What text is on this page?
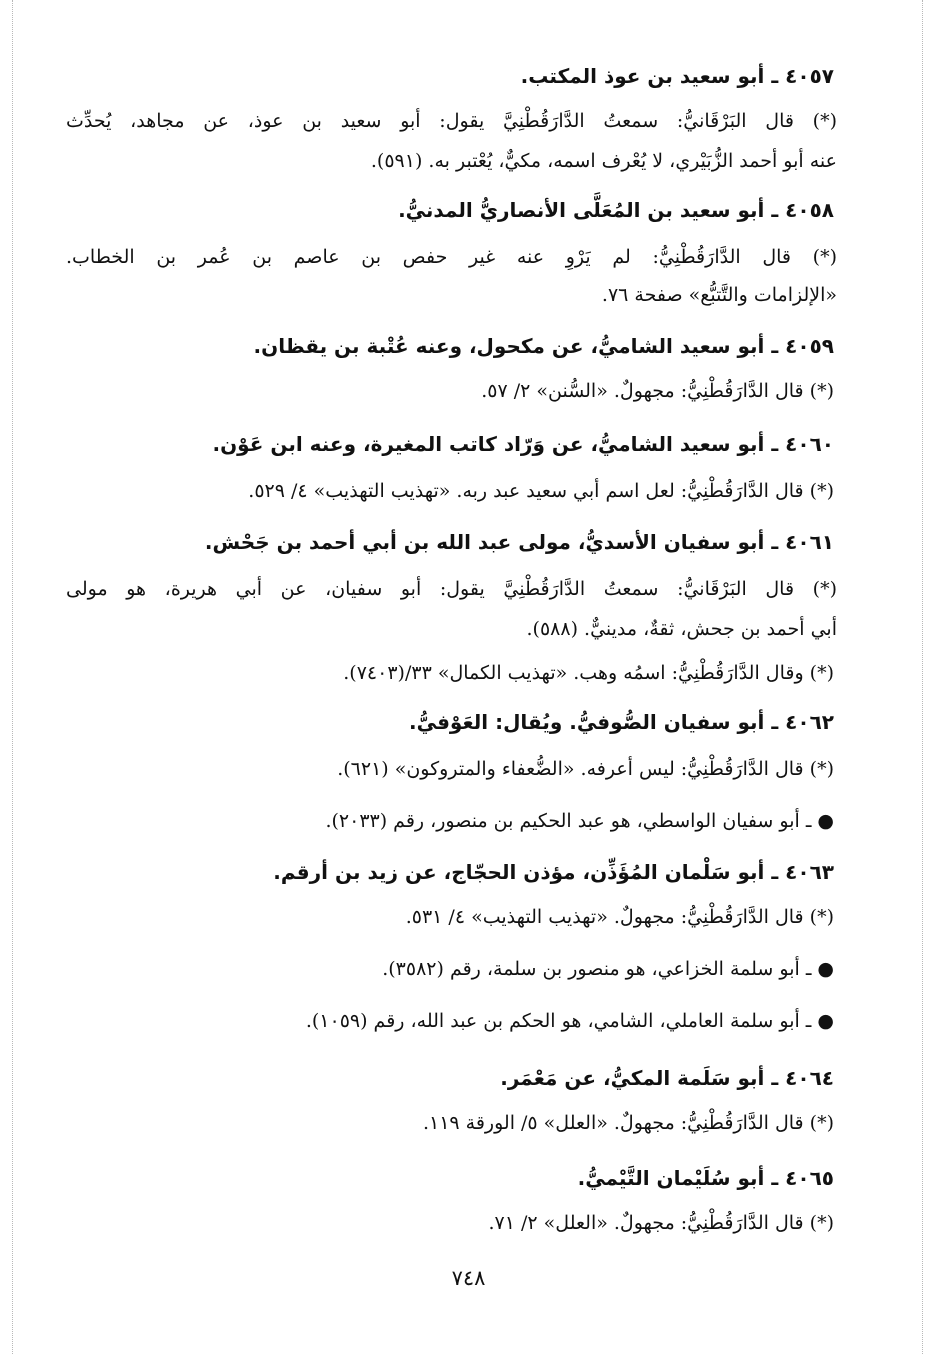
٤٠٥٧ ـ أبو سعيد بن عوذ المكتب.
(*) قال البَرْقَانيُّ: سمعتُ الدَّارَقُطْنِيَّ يقول: أبو سعيد بن عوذ، عن مجاهد، يُحدِّث
عنه أبو أحمد الزُّبَيْري، لا يُعْرف اسمه، مكيٌّ، يُعْتبر به. (٥٩١).
٤٠٥٨ ـ أبو سعيد بن المُعَلَّى الأنصاريُّ المدنيُّ.
(*) قال الدَّارَقُطْنِيُّ: لم يَرْوِ عنه غير حفص بن عاصم بن عُمر بن الخطاب.
«الإلزامات والتَّتبُّع» صفحة ٧٦.
٤٠٥٩ ـ أبو سعيد الشاميُّ، عن مكحول، وعنه عُتْبة بن يقظان.
(*) قال الدَّارَقُطْنِيُّ: مجهولٌ. «السُّنن» ٢/ ٥٧.
٤٠٦٠ ـ أبو سعيد الشاميُّ، عن وَرّاد كاتب المغيرة، وعنه ابن عَوْن.
(*) قال الدَّارَقُطْنِيُّ: لعل اسم أبي سعيد عبد ربه. «تهذيب التهذيب» ٤/ ٥٢٩.
٤٠٦١ ـ أبو سفيان الأسديُّ، مولى عبد الله بن أبي أحمد بن جَحْش.
(*) قال البَرْقَانيُّ: سمعتُ الدَّارَقُطْنِيَّ يقول: أبو سفيان، عن أبي هريرة، هو مولى
أبي أحمد بن جحش، ثقةٌ، مدينيٌّ. (٥٨٨).
(*) وقال الدَّارَقُطْنِيُّ: اسمُه وهب. «تهذيب الكمال» ٣٣/(٧٤٠٣).
٤٠٦٢ ـ أبو سفيان الصُّوفيُّ. ويُقال: العَوْفيُّ.
(*) قال الدَّارَقُطْنِيُّ: ليس أعرفه. «الضُّعفاء والمتروكون» (٦٢١).
● ـ أبو سفيان الواسطي، هو عبد الحكيم بن منصور، رقم (٢٠٣٣).
٤٠٦٣ ـ أبو سَلْمان المُؤَذِّن، مؤذن الحجّاج، عن زيد بن أرقم.
(*) قال الدَّارَقُطْنِيُّ: مجهولٌ. «تهذيب التهذيب» ٤/ ٥٣١.
● ـ أبو سلمة الخزاعي، هو منصور بن سلمة، رقم (٣٥٨٢).
● ـ أبو سلمة العاملي، الشامي، هو الحكم بن عبد الله، رقم (١٠٥٩).
٤٠٦٤ ـ أبو سَلَمة المكيُّ، عن مَعْمَر.
(*) قال الدَّارَقُطْنِيُّ: مجهولٌ. «العلل» ٥/ الورقة ١١٩.
٤٠٦٥ ـ أبو سُلَيْمان التَّيْميُّ.
(*) قال الدَّارَقُطْنِيُّ: مجهولٌ. «العلل» ٢/ ٧١.
٧٤٨
